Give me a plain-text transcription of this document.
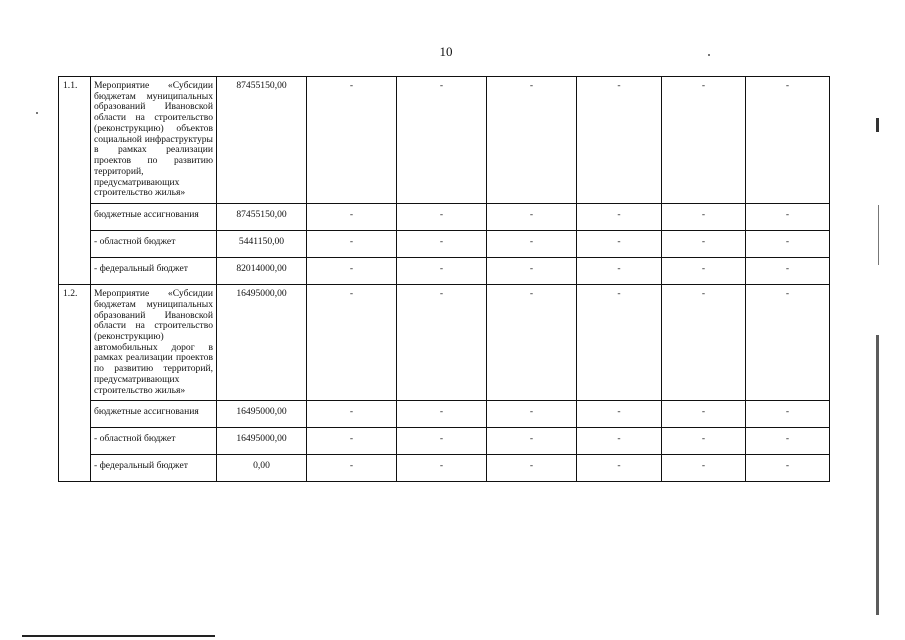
10
1.1.	Мероприятие «Субсидии бюджетам муниципальных образований Ивановской области на строительство (реконструкцию) объектов социальной инфраструктуры в рамках реализации проектов по развитию территорий, предусматривающих строительство жилья»	87455150,00	-	-	-	-	-	-
	бюджетные ассигнования	87455150,00	-	-	-	-	-	-
	- областной бюджет	5441150,00	-	-	-	-	-	-
	- федеральный бюджет	82014000,00	-	-	-	-	-	-
1.2.	Мероприятие «Субсидии бюджетам муниципальных образований Ивановской области на строительство (реконструкцию) автомобильных дорог в рамках реализации проектов по развитию территорий, предусматривающих строительство жилья»	16495000,00	-	-	-	-	-	-
	бюджетные ассигнования	16495000,00	-	-	-	-	-	-
	- областной бюджет	16495000,00	-	-	-	-	-	-
	- федеральный бюджет	0,00	-	-	-	-	-	-
